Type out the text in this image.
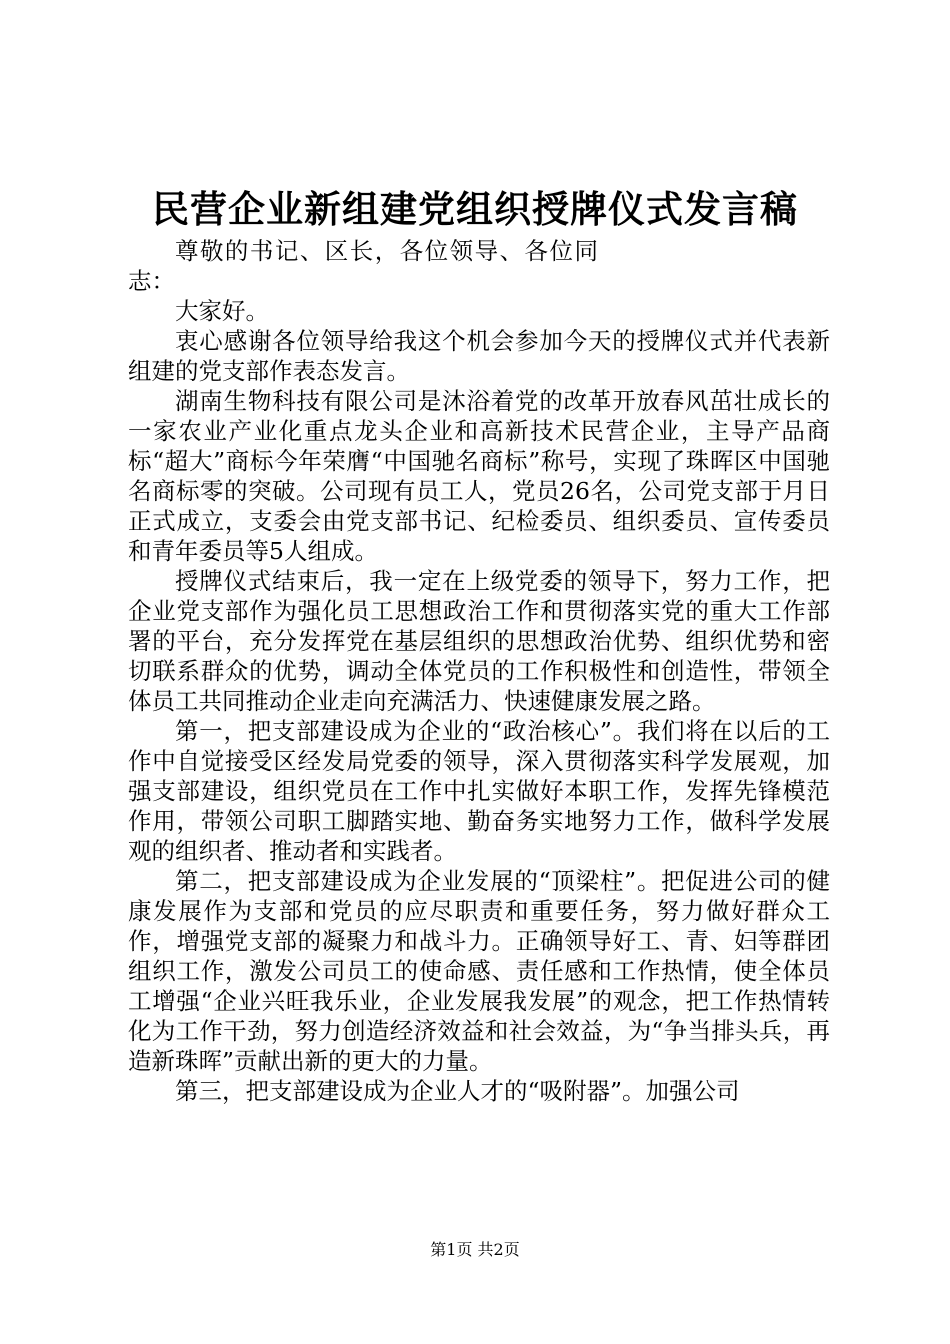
民营企业新组建党组织授牌仪式发言稿

尊敬的书记、区长，各位领导、各位同志：

大家好。

衷心感谢各位领导给我这个机会参加今天的授牌仪式并代表新组建的党支部作表态发言。

湖南生物科技有限公司是沐浴着党的改革开放春风茁壮成长的一家农业产业化重点龙头企业和高新技术民营企业，主导产品商标“超大”商标今年荣膺“中国驰名商标”称号，实现了珠晖区中国驰名商标零的突破。公司现有员工人，党员26名，公司党支部于月日正式成立，支委会由党支部书记、纪检委员、组织委员、宣传委员和青年委员等5人组成。

授牌仪式结束后，我一定在上级党委的领导下，努力工作，把企业党支部作为强化员工思想政治工作和贯彻落实党的重大工作部署的平台，充分发挥党在基层组织的思想政治优势、组织优势和密切联系群众的优势，调动全体党员的工作积极性和创造性，带领全体员工共同推动企业走向充满活力、快速健康发展之路。

第一，把支部建设成为企业的“政治核心”。我们将在以后的工作中自觉接受区经发局党委的领导，深入贯彻落实科学发展观，加强支部建设，组织党员在工作中扎实做好本职工作，发挥先锋模范作用，带领公司职工脚踏实地、勤奋务实地努力工作，做科学发展观的组织者、推动者和实践者。

第二，把支部建设成为企业发展的“顶梁柱”。把促进公司的健康发展作为支部和党员的应尽职责和重要任务，努力做好群众工作，增强党支部的凝聚力和战斗力。正确领导好工、青、妇等群团组织工作，激发公司员工的使命感、责任感和工作热情，使全体员工增强“企业兴旺我乐业，企业发展我发展”的观念，把工作热情转化为工作干劲，努力创造经济效益和社会效益，为“争当排头兵，再造新珠晖”贡献出新的更大的力量。

第三，把支部建设成为企业人才的“吸附器”。加强公司

第1页 共2页
